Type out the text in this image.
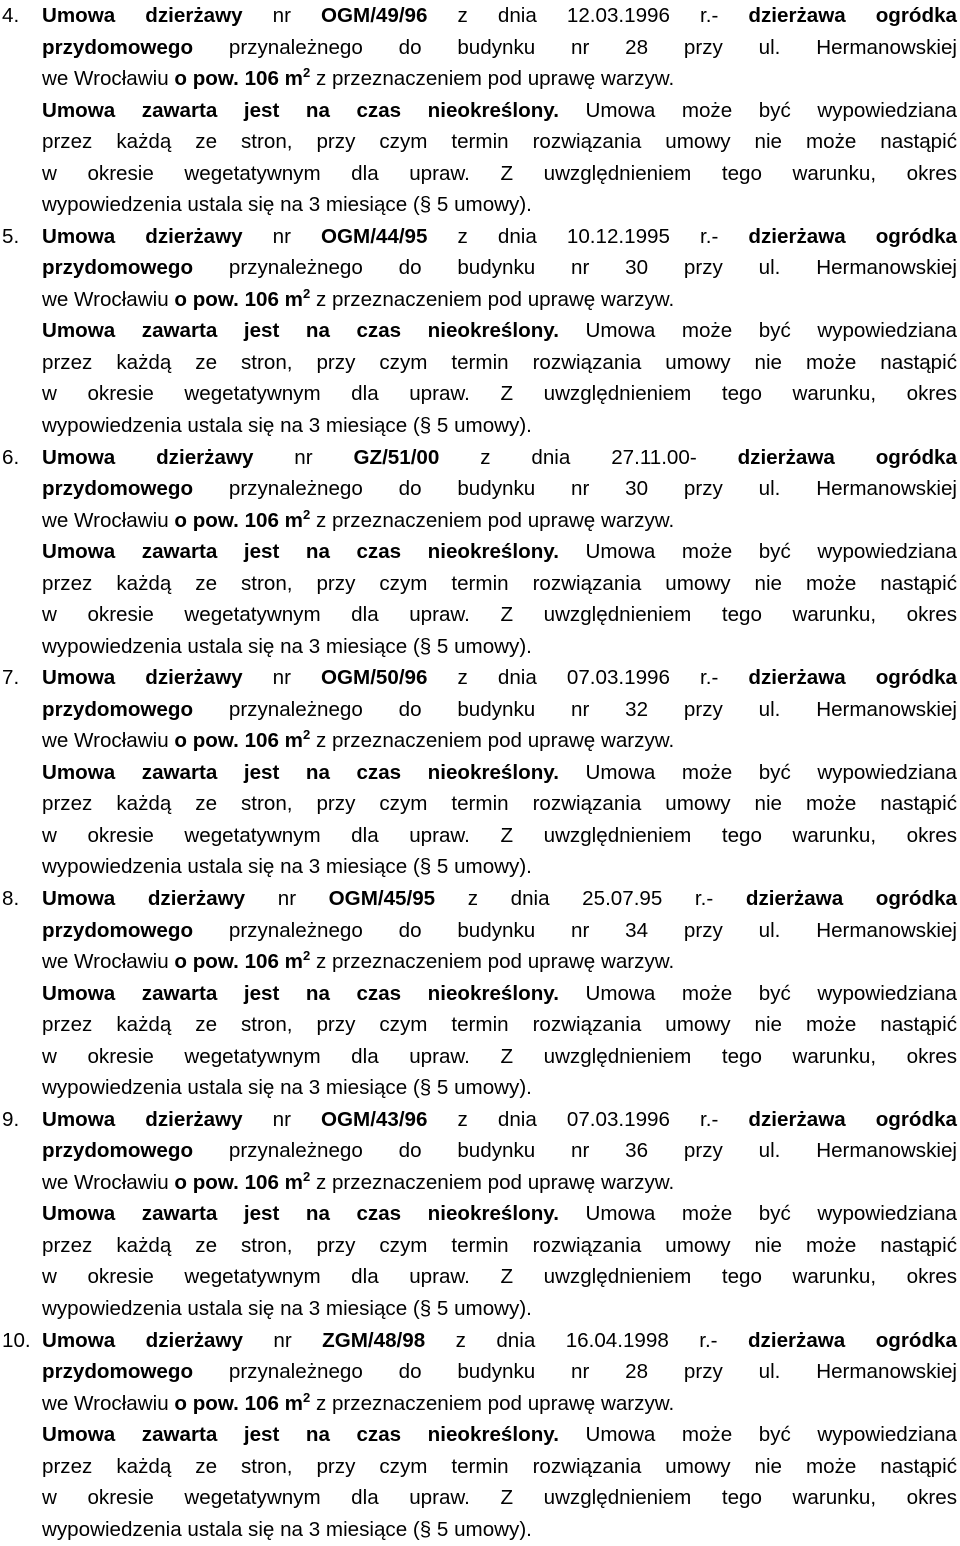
4. Umowa dzierżawy nr OGM/49/96 z dnia 12.03.1996 r.- dzierżawa ogródka
przydomowego przynależnego do budynku nr 28 przy ul. Hermanowskiej
we Wrocławiu o pow. 106 $m^2$ z przeznaczeniem pod uprawę warzyw.
Umowa zawarta jest na czas nieokreślony. Umowa może być wypowiedziana
przez każdą ze stron, przy czym termin rozwiązania umowy nie może nastąpić
w okresie wegetatywnym dla upraw. Z uwzględnieniem tego warunku, okres
wypowiedzenia ustala się na 3 miesiące (§ 5 umowy).
5. Umowa dzierżawy nr OGM/44/95 z dnia 10.12.1995 r.- dzierżawa ogródka
przydomowego przynależnego do budynku nr 30 przy ul. Hermanowskiej
we Wrocławiu o pow. 106 $m^2$ z przeznaczeniem pod uprawę warzyw.
Umowa zawarta jest na czas nieokreślony. Umowa może być wypowiedziana
przez każdą ze stron, przy czym termin rozwiązania umowy nie może nastąpić
w okresie wegetatywnym dla upraw. Z uwzględnieniem tego warunku, okres
wypowiedzenia ustala się na 3 miesiące (§ 5 umowy).
6. Umowa dzierżawy nr GZ/51/00 z dnia 27.11.00- dzierżawa ogródka
przydomowego przynależnego do budynku nr 30 przy ul. Hermanowskiej
we Wrocławiu o pow. 106 $m^2$ z przeznaczeniem pod uprawę warzyw.
Umowa zawarta jest na czas nieokreślony. Umowa może być wypowiedziana
przez każdą ze stron, przy czym termin rozwiązania umowy nie może nastąpić
w okresie wegetatywnym dla upraw. Z uwzględnieniem tego warunku, okres
wypowiedzenia ustala się na 3 miesiące (§ 5 umowy).
7. Umowa dzierżawy nr OGM/50/96 z dnia 07.03.1996 r.- dzierżawa ogródka
przydomowego przynależnego do budynku nr 32 przy ul. Hermanowskiej
we Wrocławiu o pow. 106 $m^2$ z przeznaczeniem pod uprawę warzyw.
Umowa zawarta jest na czas nieokreślony. Umowa może być wypowiedziana
przez każdą ze stron, przy czym termin rozwiązania umowy nie może nastąpić
w okresie wegetatywnym dla upraw. Z uwzględnieniem tego warunku, okres
wypowiedzenia ustala się na 3 miesiące (§ 5 umowy).
8. Umowa dzierżawy nr OGM/45/95 z dnia 25.07.95 r.- dzierżawa ogródka
przydomowego przynależnego do budynku nr 34 przy ul. Hermanowskiej
we Wrocławiu o pow. 106 $m^2$ z przeznaczeniem pod uprawę warzyw.
Umowa zawarta jest na czas nieokreślony. Umowa może być wypowiedziana
przez każdą ze stron, przy czym termin rozwiązania umowy nie może nastąpić
w okresie wegetatywnym dla upraw. Z uwzględnieniem tego warunku, okres
wypowiedzenia ustala się na 3 miesiące (§ 5 umowy).
9. Umowa dzierżawy nr OGM/43/96 z dnia 07.03.1996 r.- dzierżawa ogródka
przydomowego przynależnego do budynku nr 36 przy ul. Hermanowskiej
we Wrocławiu o pow. 106 $m^2$ z przeznaczeniem pod uprawę warzyw.
Umowa zawarta jest na czas nieokreślony. Umowa może być wypowiedziana
przez każdą ze stron, przy czym termin rozwiązania umowy nie może nastąpić
w okresie wegetatywnym dla upraw. Z uwzględnieniem tego warunku, okres
wypowiedzenia ustala się na 3 miesiące (§ 5 umowy).
10. Umowa dzierżawy nr ZGM/48/98 z dnia 16.04.1998 r.- dzierżawa ogródka
przydomowego przynależnego do budynku nr 28 przy ul. Hermanowskiej
we Wrocławiu o pow. 106 $m^2$ z przeznaczeniem pod uprawę warzyw.
Umowa zawarta jest na czas nieokreślony. Umowa może być wypowiedziana
przez każdą ze stron, przy czym termin rozwiązania umowy nie może nastąpić
w okresie wegetatywnym dla upraw. Z uwzględnieniem tego warunku, okres
wypowiedzenia ustala się na 3 miesiące (§ 5 umowy).
